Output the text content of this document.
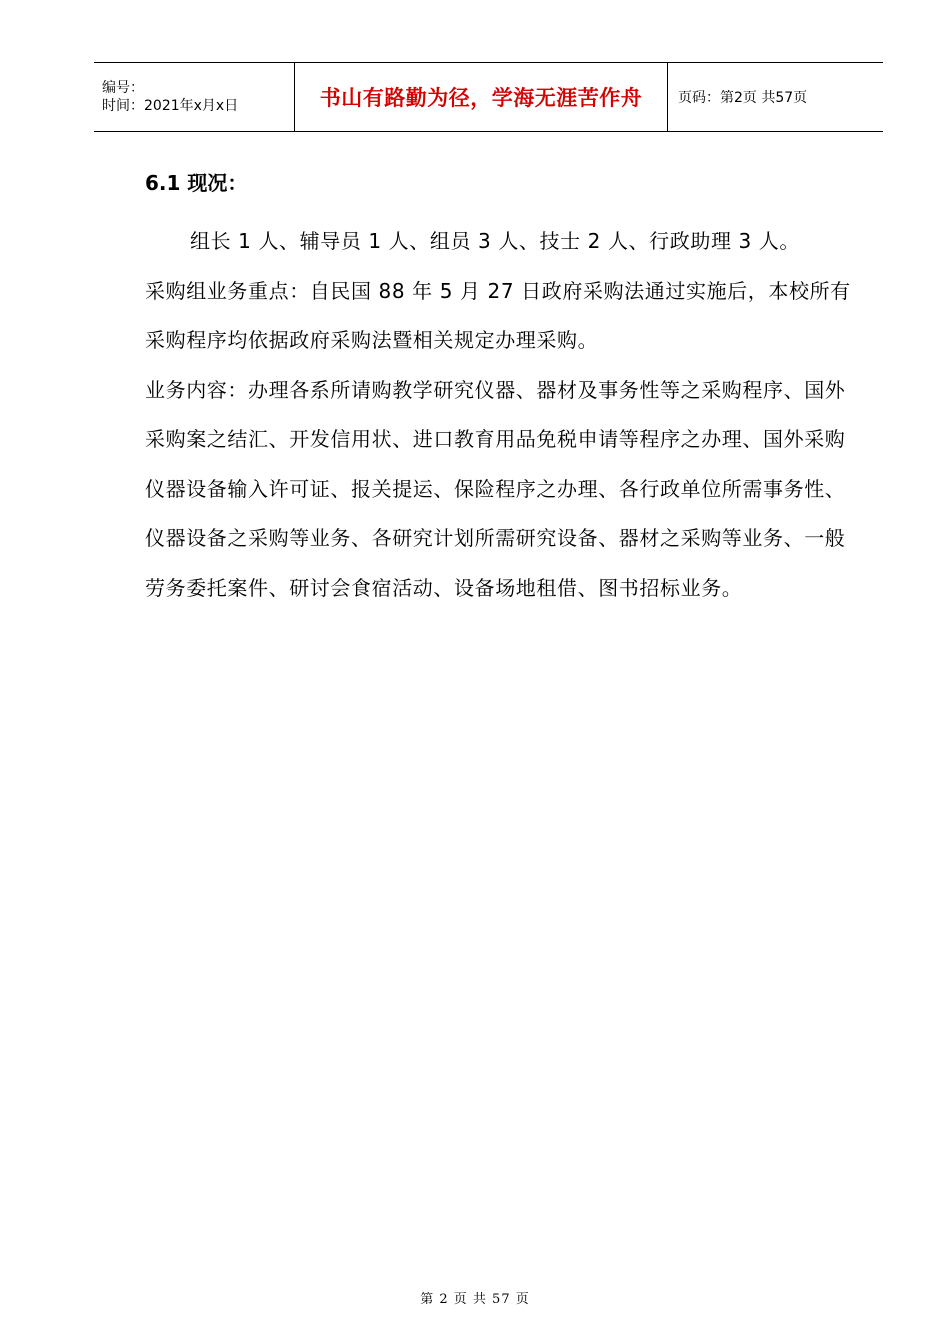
编号：
时间：2021年x月x日	书山有路勤为径，学海无涯苦作舟	页码：第2页 共57页
6.1 现况：

组长 1 人、辅导员 1 人、组员 3 人、技士 2 人、行政助理 3 人。

采购组业务重点：自民国 88 年 5 月 27 日政府采购法通过实施后，本校所有采购程序均依据政府采购法暨相关规定办理采购。

业务内容：办理各系所请购教学研究仪器、器材及事务性等之采购程序、国外采购案之结汇、开发信用状、进口教育用品免税申请等程序之办理、国外采购仪器设备输入许可证、报关提运、保险程序之办理、各行政单位所需事务性、仪器设备之采购等业务、各研究计划所需研究设备、器材之采购等业务、一般劳务委托案件、研讨会食宿活动、设备场地租借、图书招标业务。

第 2 页 共 57 页
